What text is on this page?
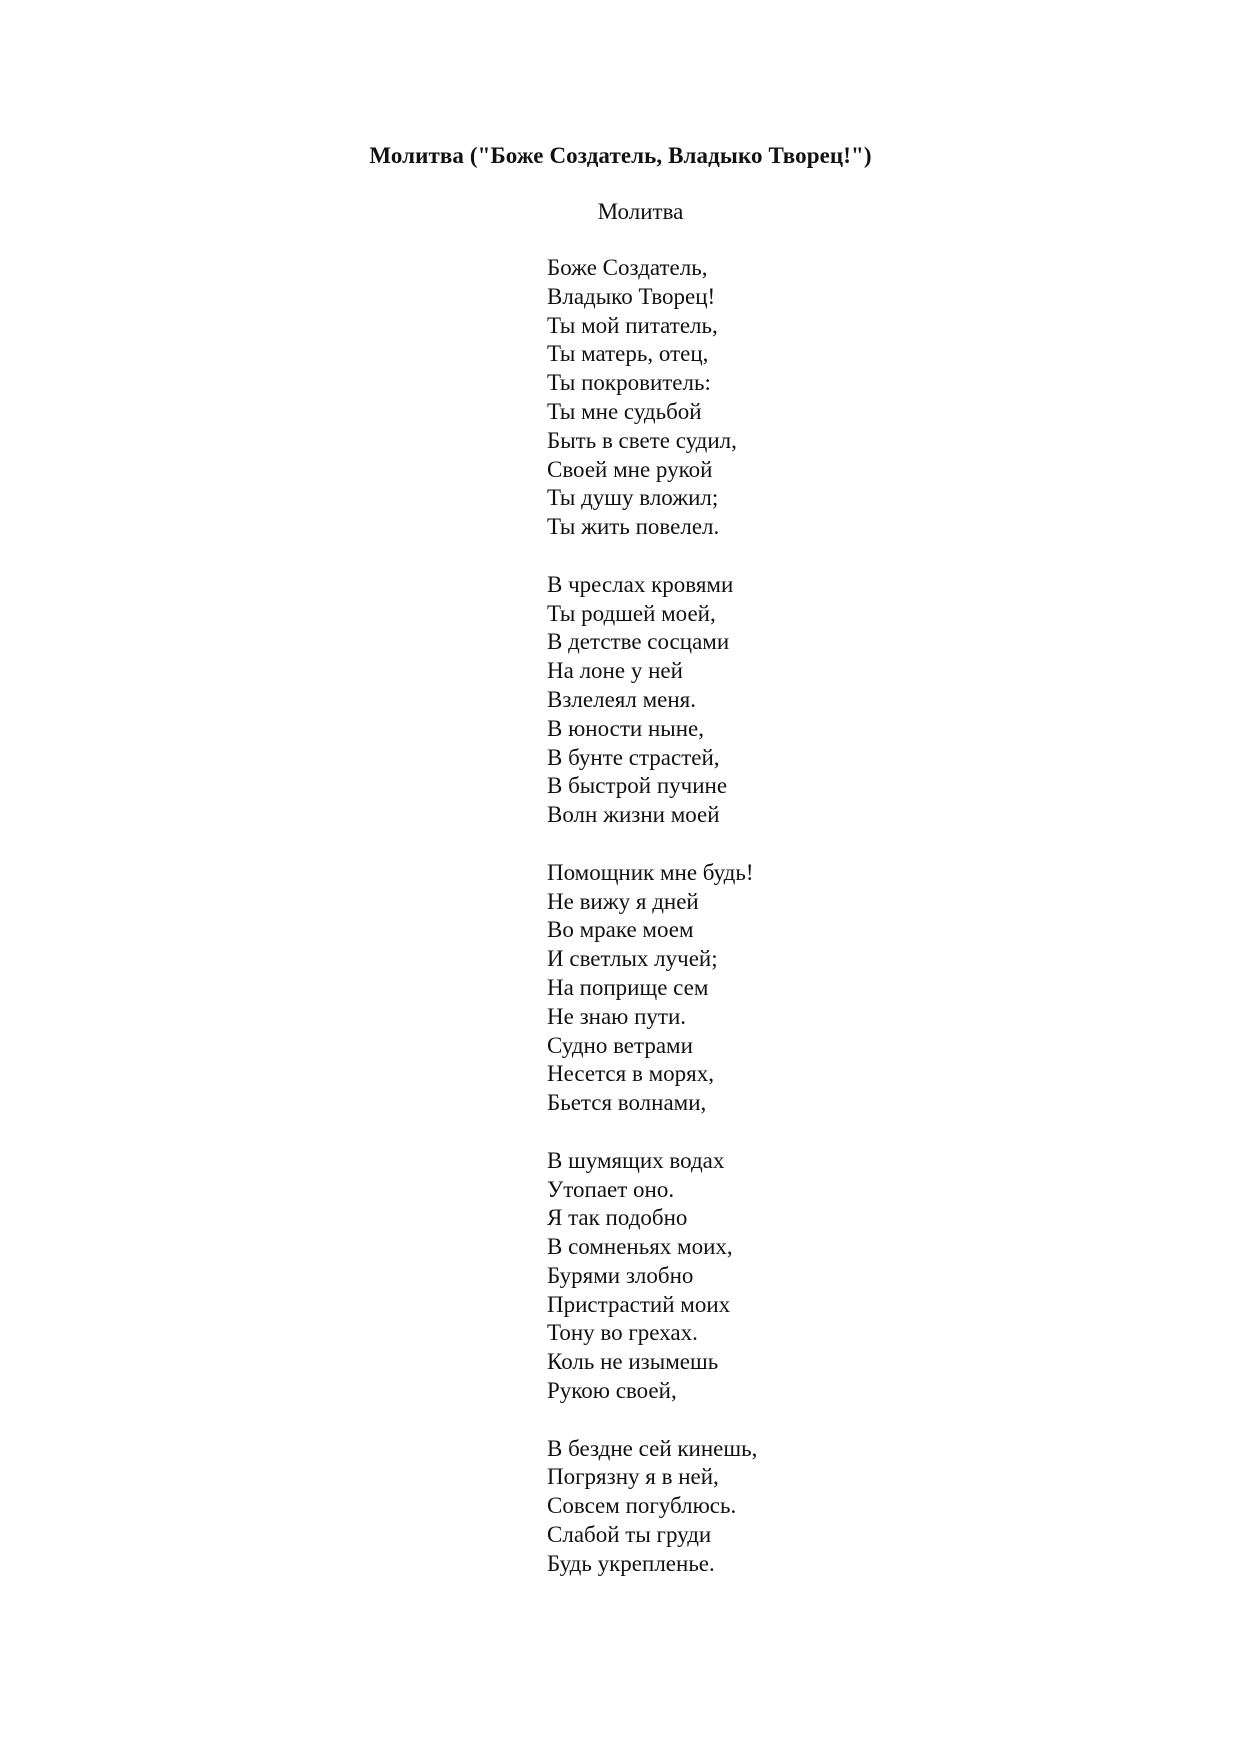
Молитва ("Боже Создатель, Владыко Творец!")

Молитва

Боже Создатель,
Владыко Творец!
Ты мой питатель,
Ты матерь, отец,
Ты покровитель:
Ты мне судьбой
Быть в свете судил,
Своей мне рукой
Ты душу вложил;
Ты жить повелел.
В чреслах кровями
Ты родшей моей,
В детстве сосцами
На лоне у ней
Взлелеял меня.
В юности ныне,
В бунте страстей,
В быстрой пучине
Волн жизни моей
Помощник мне будь!
Не вижу я дней
Во мраке моем
И светлых лучей;
На поприще сем
Не знаю пути.
Судно ветрами
Несется в морях,
Бьется волнами,
В шумящих водах
Утопает оно.
Я так подобно
В сомненьях моих,
Бурями злобно
Пристрастий моих
Тону во грехах.
Коль не изымешь
Рукою своей,
В бездне сей кинешь,
Погрязну я в ней,
Совсем погублюсь.
Слабой ты груди
Будь укрепленье.
